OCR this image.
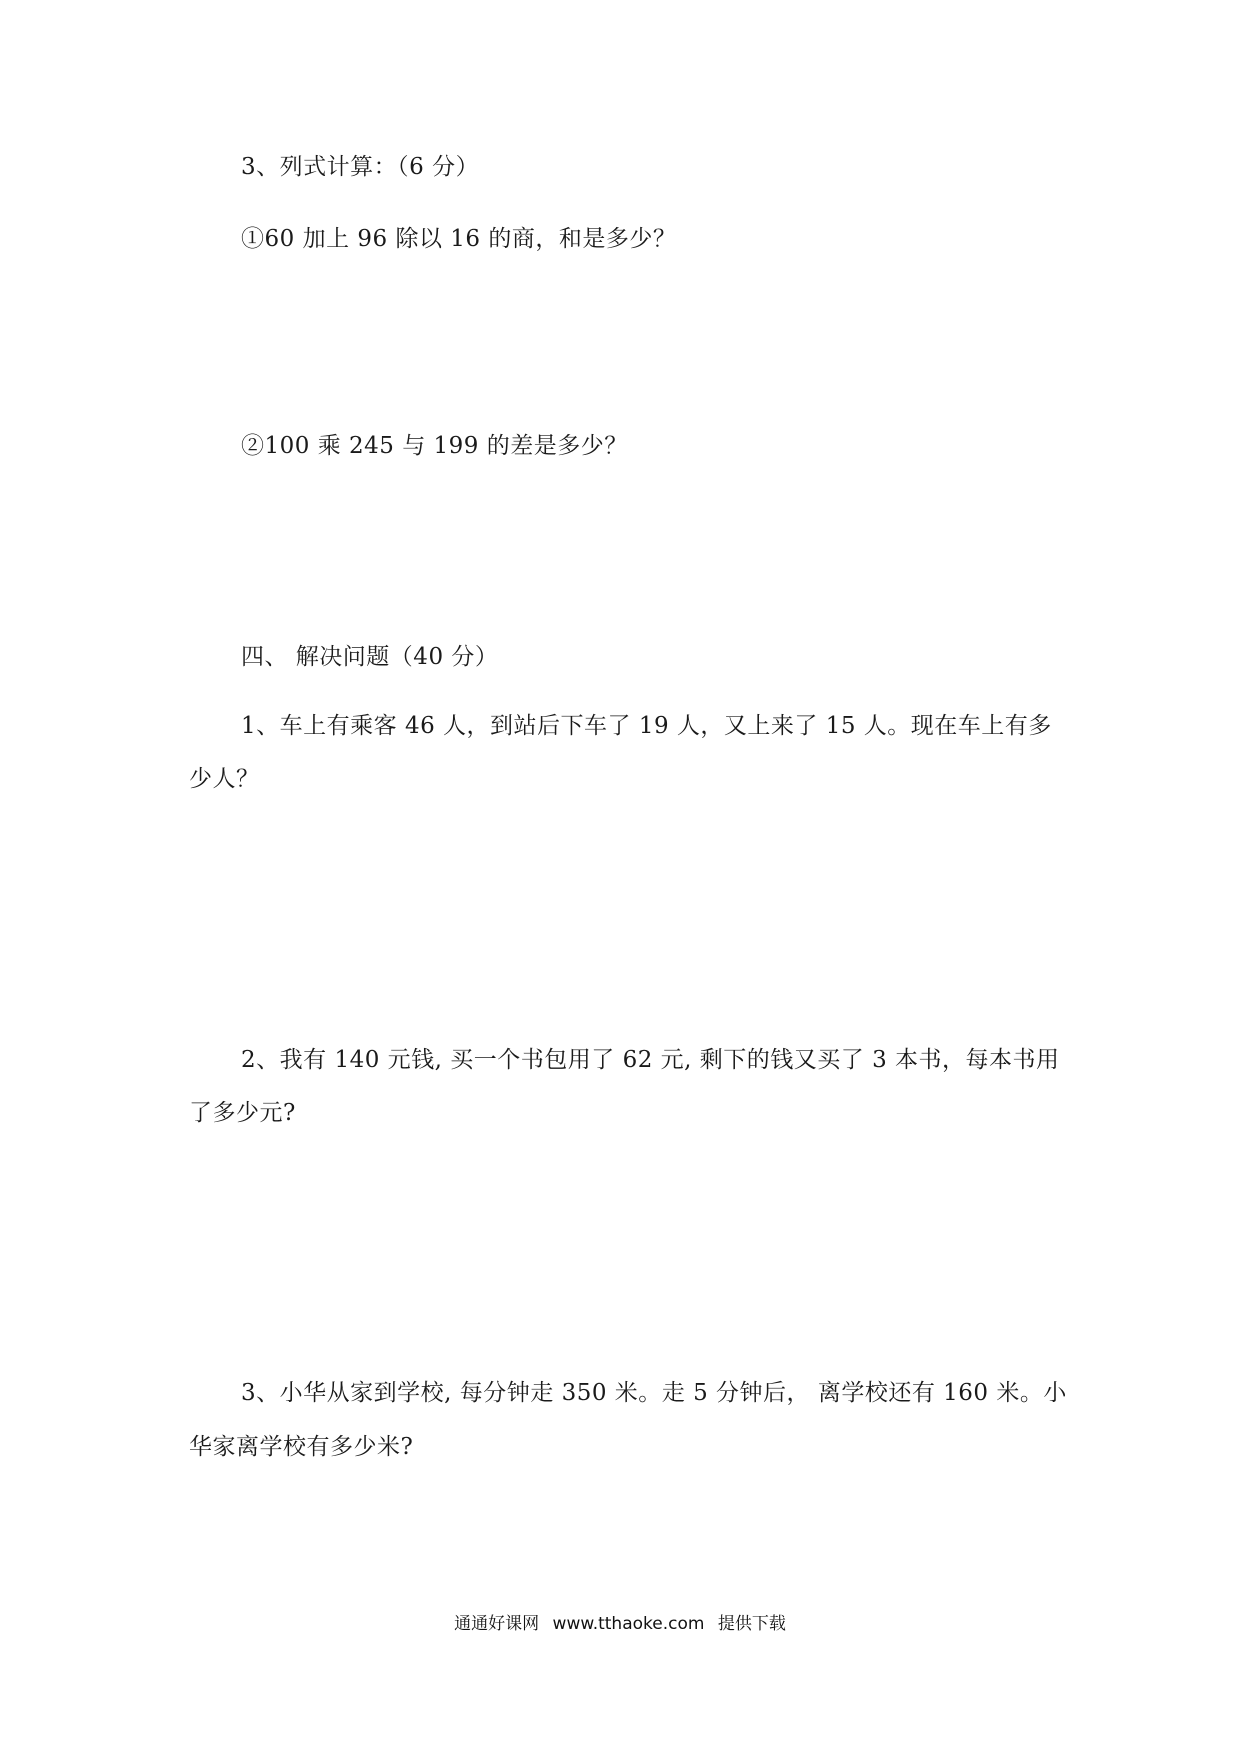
3、列式计算：（6 分）
①60 加上 96 除以 16 的商，和是多少？
②100 乘 245 与 199 的差是多少？
四、 解决问题（40 分）
1、车上有乘客 46 人，到站后下车了 19 人，又上来了 15 人。现在车上有多
少人？
2、我有 140 元钱, 买一个书包用了 62 元, 剩下的钱又买了 3 本书，每本书用
了多少元?
3、小华从家到学校, 每分钟走 350 米。走 5 分钟后， 离学校还有 160 米。小
华家离学校有多少米?
通通好课网 www.tthaoke.com 提供下载
